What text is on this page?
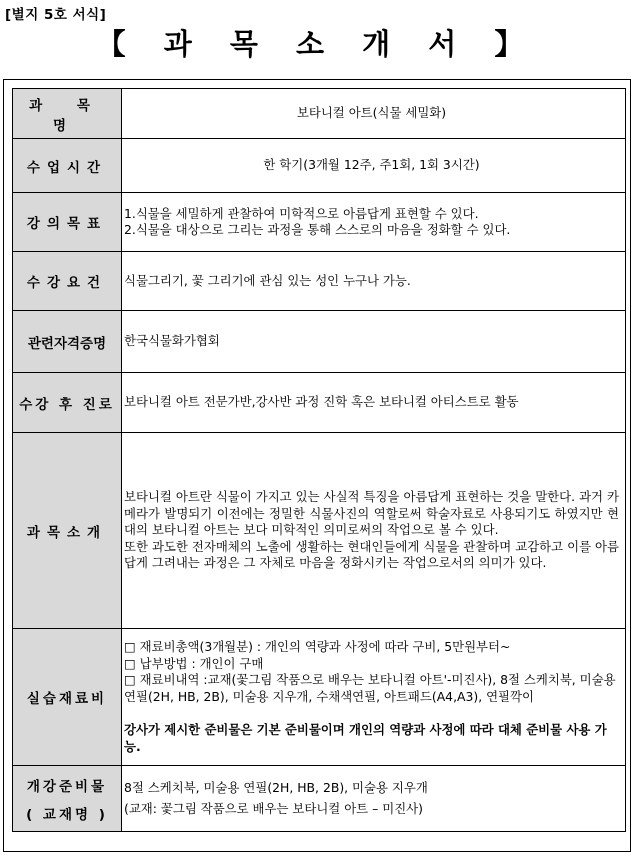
[별지 5호 서식]
【 과 목 소 개 서 】
과 목 명	보타니컬 아트(식물 세밀화)
수업시간	한 학기(3개월 12주, 주1회, 1회 3시간)
강의목표	1.식물을 세밀하게 관찰하여 미학적으로 아름답게 표현할 수 있다.
2.식물을 대상으로 그리는 과정을 통해 스스로의 마음을 정화할 수 있다.

수강요건	식물그리기, 꽃 그리기에 관심 있는 성인 누구나 가능.
관련자격증명	한국식물화가협회
수강 후 진로	보타니컬 아트 전문가반,강사반 과정 진학 혹은 보타니컬 아티스트로 활동
과목소개	보타니컬 아트란 식물이 가지고 있는 사실적 특징을 아름답게 표현하는 것을 말한다. 과거 카메라가 발명되기 이전에는 정밀한 식물사진의 역할로써 학술자료로 사용되기도 하였지만 현대의 보타니컬 아트는 보다 미학적인 의미로써의 작업으로 볼 수 있다.
또한 과도한 전자매체의 노출에 생활하는 현대인들에게 식물을 관찰하며 교감하고 이를 아름답게 그려내는 과정은 그 자체로 마음을 정화시키는 작업으로서의 의미가 있다.

실습재료비	□ 재료비총액(3개월분) : 개인의 역량과 사정에 따라 구비, 5만원부터~
□ 납부방법 : 개인이 구매
□ 재료비내역 :교재(꽃그림 작품으로 배우는 보타니컬 아트'-미진사), 8절 스케치북, 미술용 연필(2H, HB, 2B), 미술용 지우개, 수채색연필, 아트패드(A4,A3), 연필깍이
강사가 제시한 준비물은 기본 준비물이며 개인의 역량과 사정에 따라 대체 준비물 사용 가능.

개강준비물
( 교재명 )	8절 스케치북, 미술용 연필(2H, HB, 2B), 미술용 지우개
(교재: 꽃그림 작품으로 배우는 보타니컬 아트 – 미진사)
